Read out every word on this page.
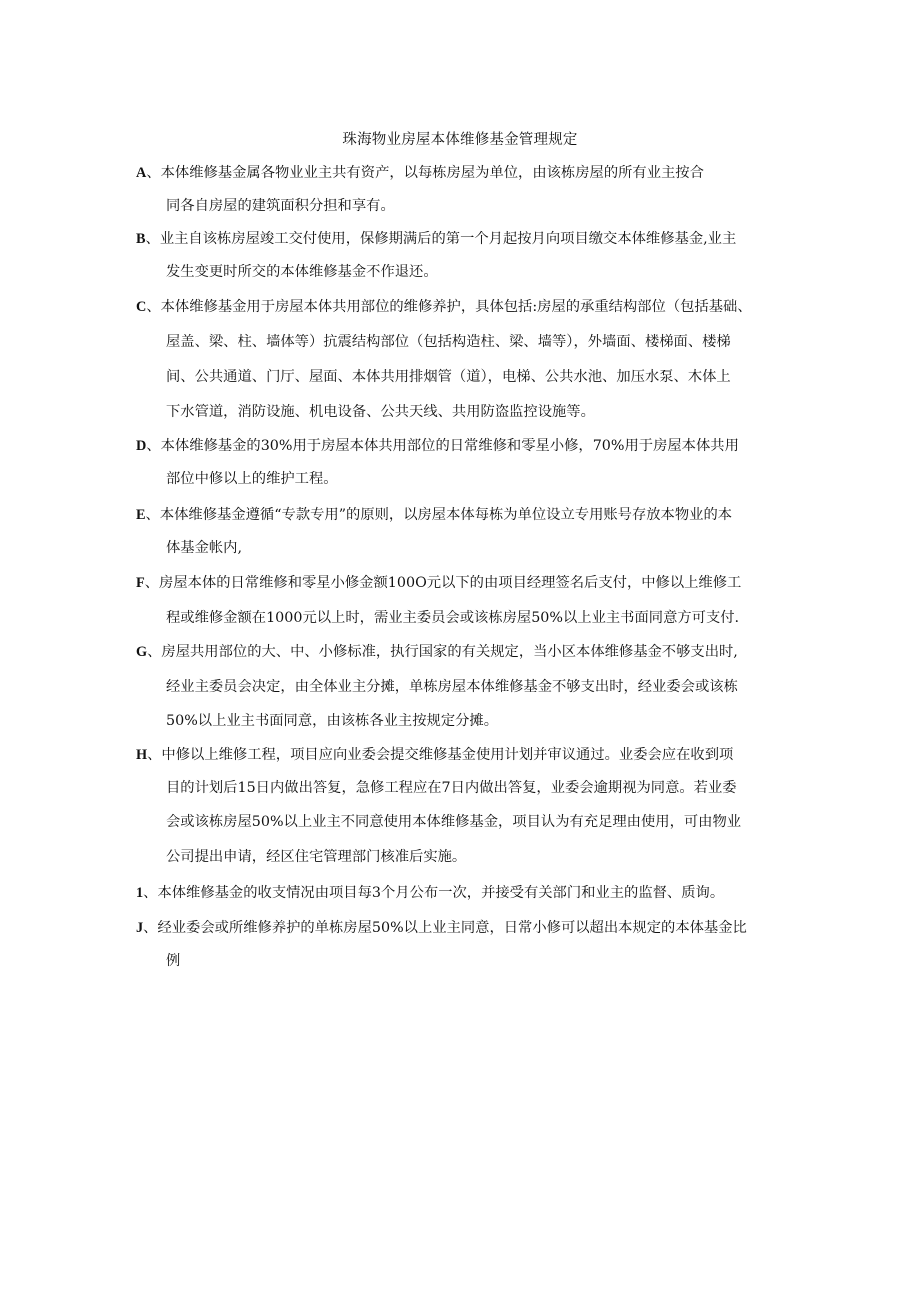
珠海物业房屋本体维修基金管理规定
A、本体维修基金属各物业业主共有资产，以每栋房屋为单位，由该栋房屋的所有业主按合
同各自房屋的建筑面积分担和享有。
B、业主自该栋房屋竣工交付使用，保修期满后的第一个月起按月向项目缴交本体维修基金,业主
发生变更时所交的本体维修基金不作退还。
C、本体维修基金用于房屋本体共用部位的维修养护，具体包括:房屋的承重结构部位（包括基础、
屋盖、梁、柱、墙体等）抗震结构部位（包括构造柱、梁、墙等），外墙面、楼梯面、楼梯
间、公共通道、门厅、屋面、本体共用排烟管（道），电梯、公共水池、加压水泵、木体上
下水管道，消防设施、机电设备、公共天线、共用防盗监控设施等。
D、本体维修基金的30%用于房屋本体共用部位的日常维修和零星小修，70%用于房屋本体共用
部位中修以上的维护工程。
E、本体维修基金遵循“专款专用”的原则，以房屋本体每栋为单位设立专用账号存放本物业的本
体基金帐内,
F、房屋本体的日常维修和零星小修金额100O元以下的由项目经理签名后支付，中修以上维修工
程或维修金额在1000元以上时，需业主委员会或该栋房屋50%以上业主书面同意方可支付.
G、房屋共用部位的大、中、小修标准，执行国家的有关规定，当小区本体维修基金不够支出时,
经业主委员会决定，由全体业主分摊，单栋房屋本体维修基金不够支出时，经业委会或该栋
50%以上业主书面同意，由该栋各业主按规定分摊。
H、中修以上维修工程，项目应向业委会提交维修基金使用计划并审议通过。业委会应在收到项
目的计划后15日内做出答复，急修工程应在7日内做出答复，业委会逾期视为同意。若业委
会或该栋房屋50%以上业主不同意使用本体维修基金，项目认为有充足理由使用，可由物业
公司提出申请，经区住宅管理部门核准后实施。
1、本体维修基金的收支情况由项目每3个月公布一次，并接受有关部门和业主的监督、质询。
J、经业委会或所维修养护的单栋房屋50%以上业主同意，日常小修可以超出本规定的本体基金比
例
